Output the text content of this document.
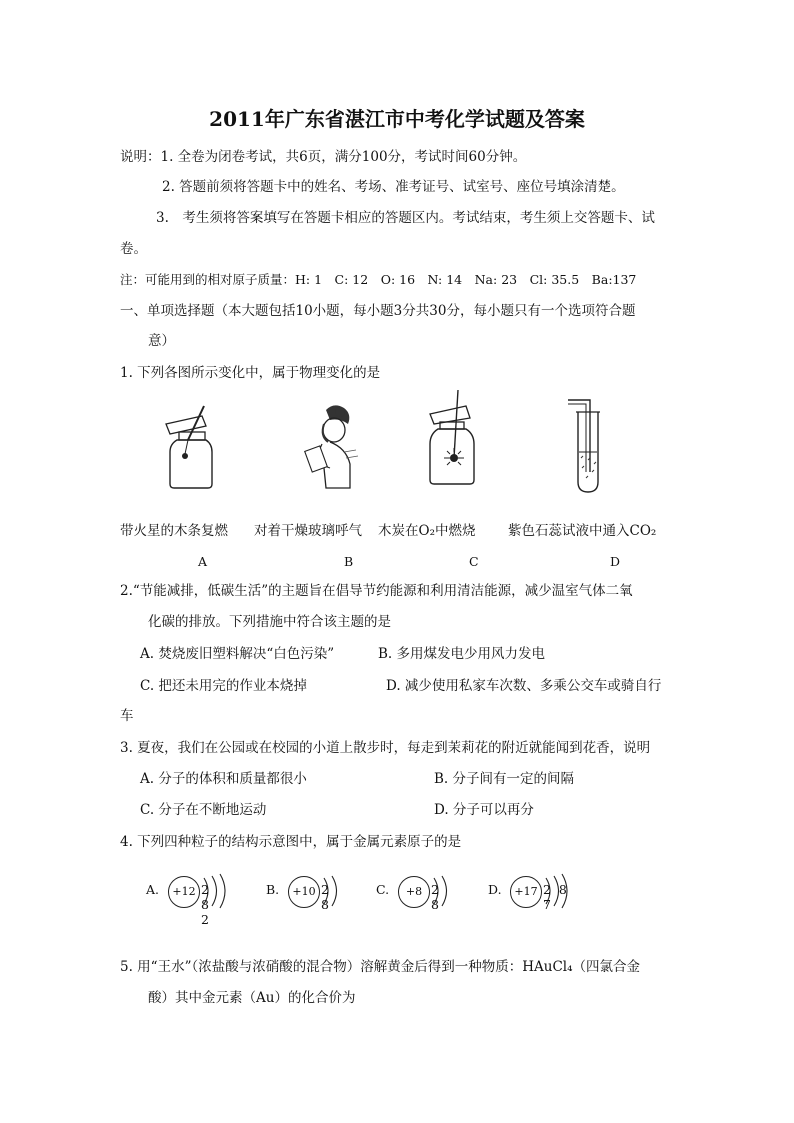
2011年广东省湛江市中考化学试题及答案
说明：1. 全卷为闭卷考试，共6页，满分100分，考试时间60分钟。
2. 答题前须将答题卡中的姓名、考场、准考证号、试室号、座位号填涂清楚。
3.　考生须将答案填写在答题卡相应的答题区内。考试结束，考生须上交答题卡、试
卷。
注：可能用到的相对原子质量：H: 1　C: 12　O: 16　N: 14　Na: 23　Cl: 35.5　Ba:137
一、单项选择题（本大题包括10小题，每小题3分共30分，每小题只有一个选项符合题
意）
1. 下列各图所示变化中，属于物理变化的是
带火星的木条复燃 对着干燥玻璃呼气 木炭在O₂中燃烧 紫色石蕊试液中通入CO₂
A	B	C	D
2.“节能减排，低碳生活”的主题旨在倡导节约能源和利用清洁能源，减少温室气体二氧
化碳的排放。下列措施中符合该主题的是
A. 焚烧废旧塑料解决“白色污染”	B. 多用煤发电少用风力发电
C. 把还未用完的作业本烧掉	D. 减少使用私家车次数、多乘公交车或骑自行
车
3. 夏夜，我们在公园或在校园的小道上散步时，每走到茉莉花的附近就能闻到花香，说明
A. 分子的体积和质量都很小	B. 分子间有一定的间隔
C. 分子在不断地运动	D. 分子可以再分
4. 下列四种粒子的结构示意图中，属于金属元素原子的是
A.	+12 2 8 2
B.	+10 2 8
C.	+8 2 8
D.	+17 2 8 7
5. 用“王水”（浓盐酸与浓硝酸的混合物）溶解黄金后得到一种物质：HAuCl₄（四氯合金
酸）其中金元素（Au）的化合价为
